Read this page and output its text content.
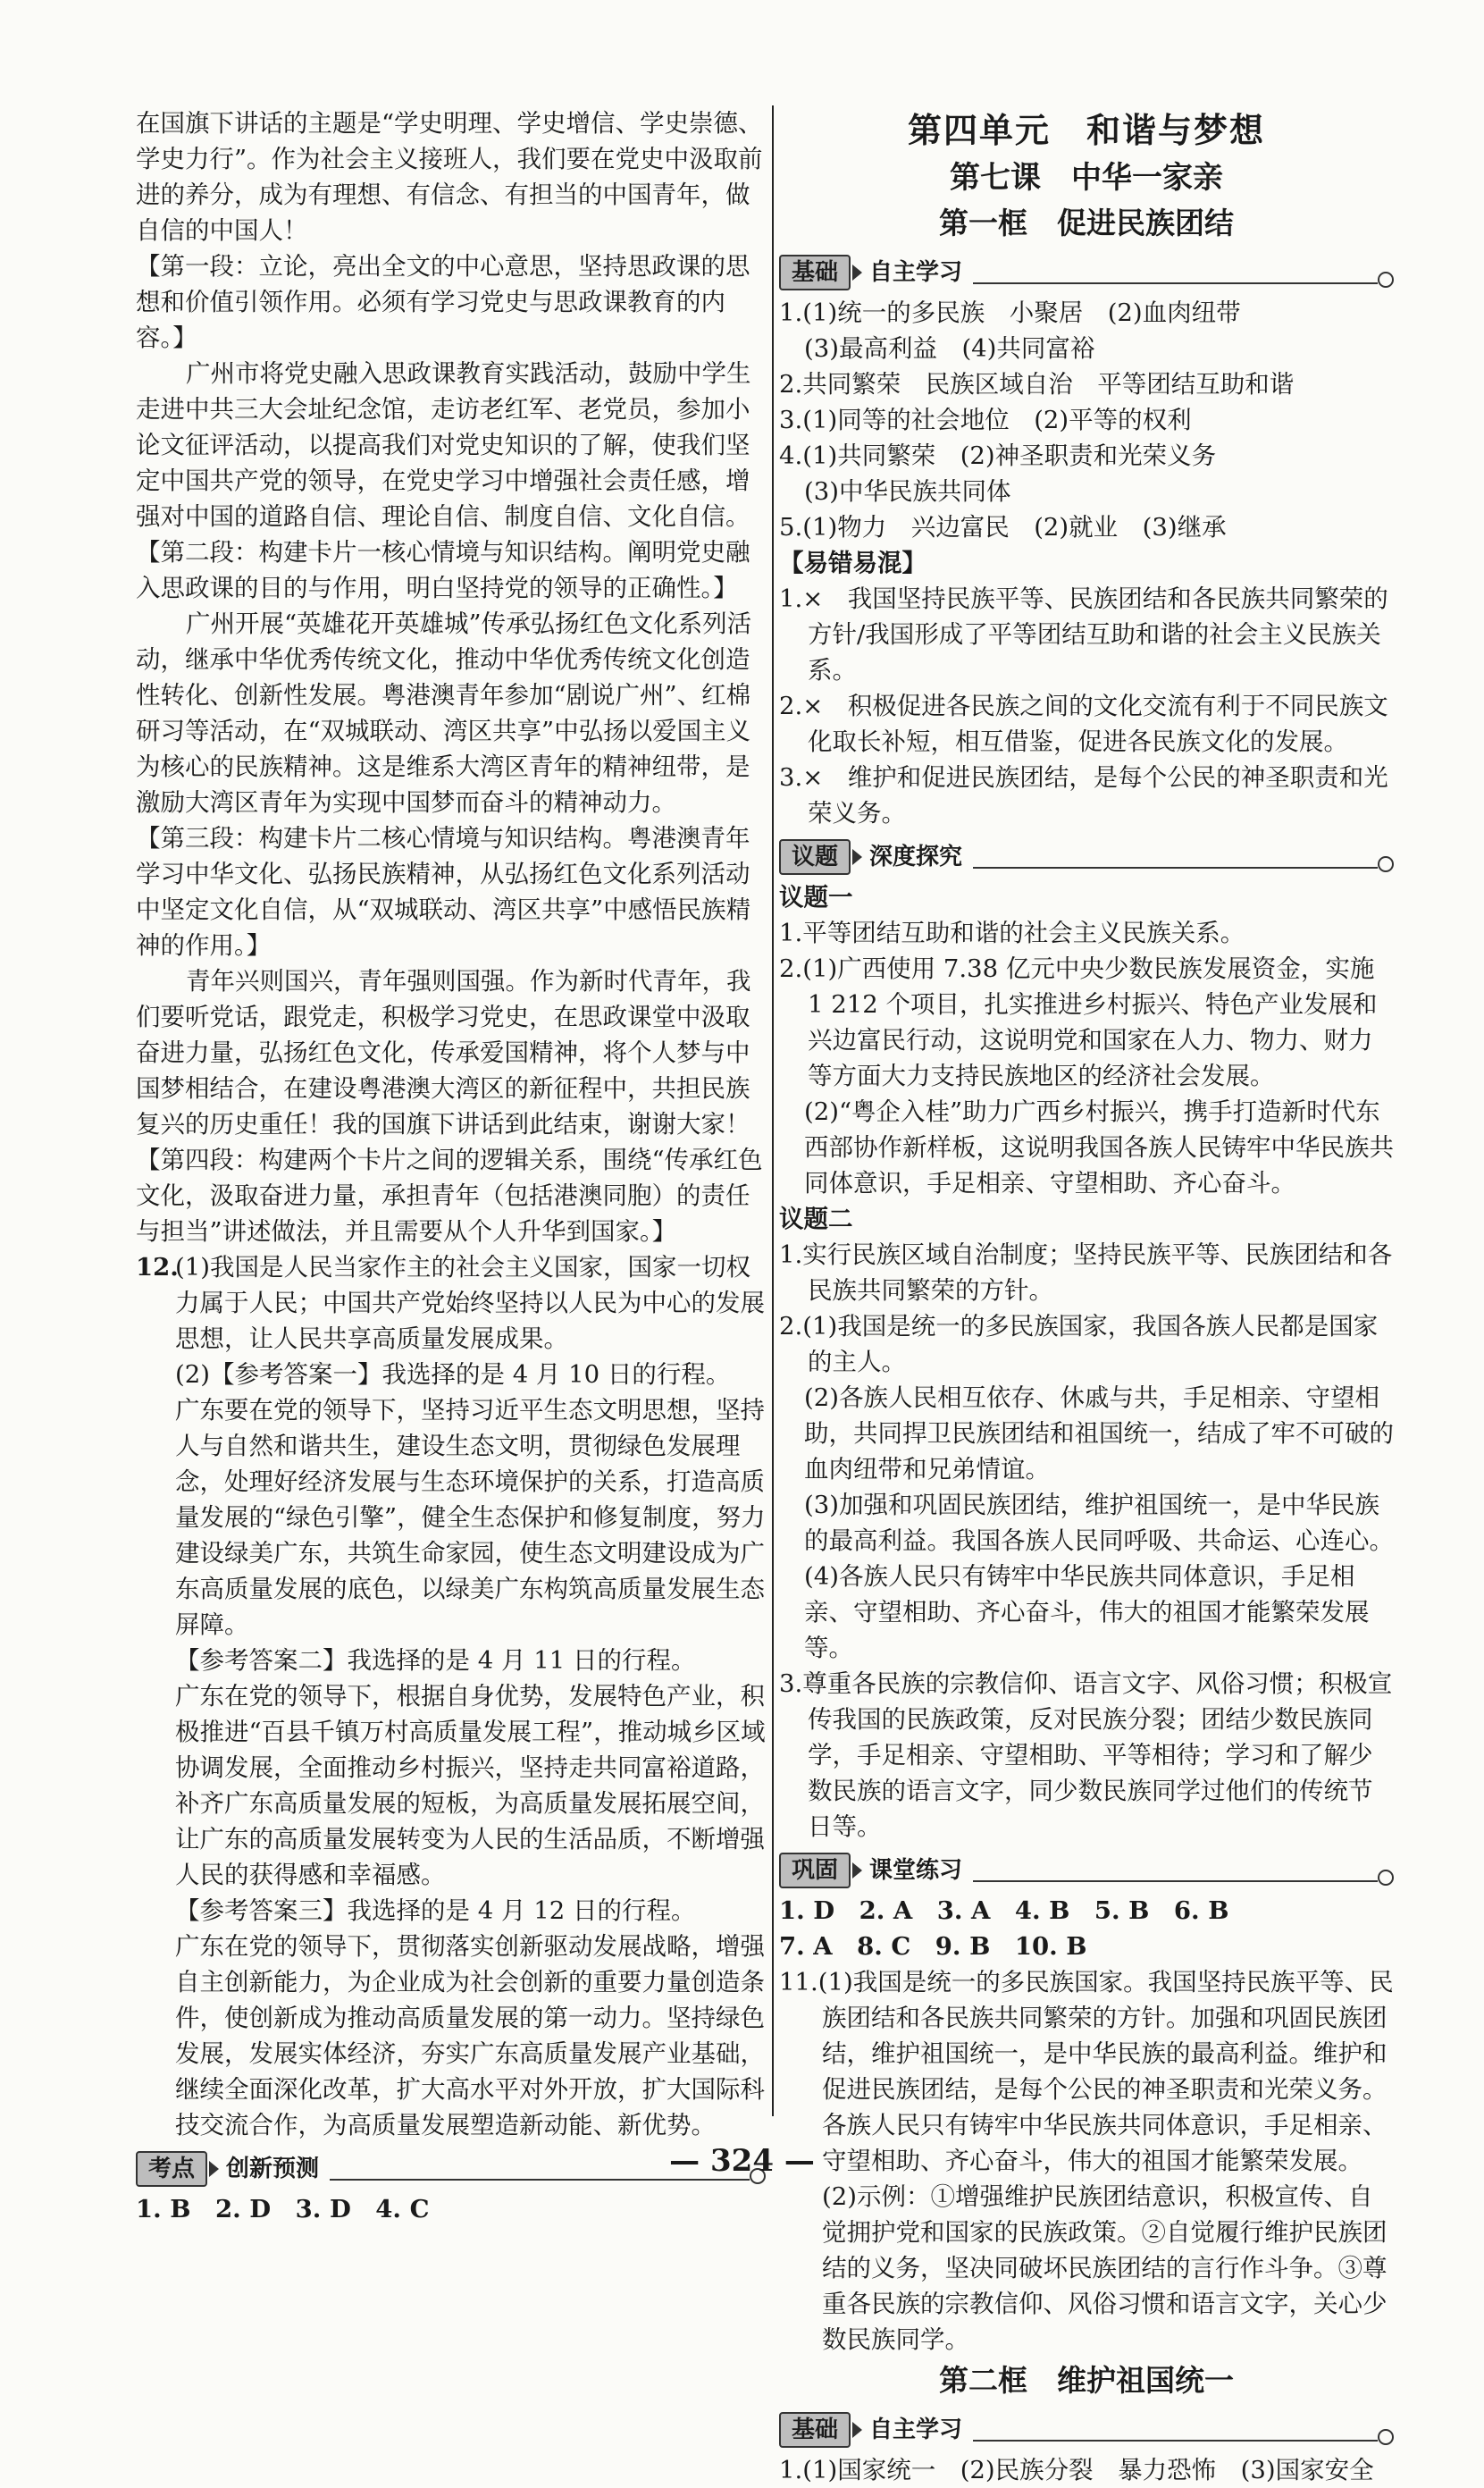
在国旗下讲话的主题是“学史明理、学史增信、学史崇德、学史力行”。作为社会主义接班人，我们要在党史中汲取前进的养分，成为有理想、有信念、有担当的中国青年，做自信的中国人！

【第一段：立论，亮出全文的中心意思，坚持思政课的思想和价值引领作用。必须有学习党史与思政课教育的内容。】

广州市将党史融入思政课教育实践活动，鼓励中学生走进中共三大会址纪念馆，走访老红军、老党员，参加小论文征评活动，以提高我们对党史知识的了解，使我们坚定中国共产党的领导，在党史学习中增强社会责任感，增强对中国的道路自信、理论自信、制度自信、文化自信。

【第二段：构建卡片一核心情境与知识结构。阐明党史融入思政课的目的与作用，明白坚持党的领导的正确性。】

广州开展“英雄花开英雄城”传承弘扬红色文化系列活动，继承中华优秀传统文化，推动中华优秀传统文化创造性转化、创新性发展。粤港澳青年参加“剧说广州”、红棉研习等活动，在“双城联动、湾区共享”中弘扬以爱国主义为核心的民族精神。这是维系大湾区青年的精神纽带，是激励大湾区青年为实现中国梦而奋斗的精神动力。

【第三段：构建卡片二核心情境与知识结构。粤港澳青年学习中华文化、弘扬民族精神，从弘扬红色文化系列活动中坚定文化自信，从“双城联动、湾区共享”中感悟民族精神的作用。】

青年兴则国兴，青年强则国强。作为新时代青年，我们要听党话，跟党走，积极学习党史，在思政课堂中汲取奋进力量，弘扬红色文化，传承爱国精神，将个人梦与中国梦相结合，在建设粤港澳大湾区的新征程中，共担民族复兴的历史重任！我的国旗下讲话到此结束，谢谢大家！

【第四段：构建两个卡片之间的逻辑关系，围绕“传承红色文化，汲取奋进力量，承担青年（包括港澳同胞）的责任与担当”讲述做法，并且需要从个人升华到国家。】

12.

(1)我国是人民当家作主的社会主义国家，国家一切权力属于人民；中国共产党始终坚持以人民为中心的发展思想，让人民共享高质量发展成果。

(2)【参考答案一】我选择的是 4 月 10 日的行程。

广东要在党的领导下，坚持习近平生态文明思想，坚持人与自然和谐共生，建设生态文明，贯彻绿色发展理念，处理好经济发展与生态环境保护的关系，打造高质量发展的“绿色引擎”，健全生态保护和修复制度，努力建设绿美广东，共筑生命家园，使生态文明建设成为广东高质量发展的底色，以绿美广东构筑高质量发展生态屏障。

【参考答案二】我选择的是 4 月 11 日的行程。

广东在党的领导下，根据自身优势，发展特色产业，积极推进“百县千镇万村高质量发展工程”，推动城乡区域协调发展，全面推动乡村振兴，坚持走共同富裕道路，补齐广东高质量发展的短板，为高质量发展拓展空间，让广东的高质量发展转变为人民的生活品质，不断增强人民的获得感和幸福感。

【参考答案三】我选择的是 4 月 12 日的行程。

广东在党的领导下，贯彻落实创新驱动发展战略，增强自主创新能力，为企业成为社会创新的重要力量创造条件，使创新成为推动高质量发展的第一动力。坚持绿色发展，发展实体经济，夯实广东高质量发展产业基础，继续全面深化改革，扩大高水平对外开放，扩大国际科技交流合作，为高质量发展塑造新动能、新优势。

考点	创新预测

1. B　2. D　3. D　4. C

第四单元　和谐与梦想
第七课　中华一家亲
第一框　促进民族团结
基础	自主学习

1.(1)统一的多民族　小聚居　(2)血肉纽带

(3)最高利益　(4)共同富裕

2.共同繁荣　民族区域自治　平等团结互助和谐

3.(1)同等的社会地位　(2)平等的权利

4.(1)共同繁荣　(2)神圣职责和光荣义务

(3)中华民族共同体

5.(1)物力　兴边富民　(2)就业　(3)继承

【易错易混】

1.×　我国坚持民族平等、民族团结和各民族共同繁荣的方针/我国形成了平等团结互助和谐的社会主义民族关系。

2.×　积极促进各民族之间的文化交流有利于不同民族文化取长补短，相互借鉴，促进各民族文化的发展。

3.×　维护和促进民族团结，是每个公民的神圣职责和光荣义务。

议题	深度探究

议题一

1.平等团结互助和谐的社会主义民族关系。

2.(1)广西使用 7.38 亿元中央少数民族发展资金，实施 1 212 个项目，扎实推进乡村振兴、特色产业发展和兴边富民行动，这说明党和国家在人力、物力、财力等方面大力支持民族地区的经济社会发展。

(2)“粤企入桂”助力广西乡村振兴，携手打造新时代东西部协作新样板，这说明我国各族人民铸牢中华民族共同体意识，手足相亲、守望相助、齐心奋斗。

议题二

1.实行民族区域自治制度；坚持民族平等、民族团结和各民族共同繁荣的方针。

2.(1)我国是统一的多民族国家，我国各族人民都是国家的主人。

(2)各族人民相互依存、休戚与共，手足相亲、守望相助，共同捍卫民族团结和祖国统一，结成了牢不可破的血肉纽带和兄弟情谊。

(3)加强和巩固民族团结，维护祖国统一，是中华民族的最高利益。我国各族人民同呼吸、共命运、心连心。

(4)各族人民只有铸牢中华民族共同体意识，手足相亲、守望相助、齐心奋斗，伟大的祖国才能繁荣发展等。

3.尊重各民族的宗教信仰、语言文字、风俗习惯；积极宣传我国的民族政策，反对民族分裂；团结少数民族同学，手足相亲、守望相助、平等相待；学习和了解少数民族的语言文字，同少数民族同学过他们的传统节日等。

巩固	课堂练习

1. D　2. A　3. A　4. B　5. B　6. B

7. A　8. C　9. B　10. B

11.(1)我国是统一的多民族国家。我国坚持民族平等、民族团结和各民族共同繁荣的方针。加强和巩固民族团结，维护祖国统一，是中华民族的最高利益。维护和促进民族团结，是每个公民的神圣职责和光荣义务。各族人民只有铸牢中华民族共同体意识，手足相亲、守望相助、齐心奋斗，伟大的祖国才能繁荣发展。

(2)示例：①增强维护民族团结意识，积极宣传、自觉拥护党和国家的民族政策。②自觉履行维护民族团结的义务，坚决同破坏民族团结的言行作斗争。③尊重各民族的宗教信仰、风俗习惯和语言文字，关心少数民族同学。

第二框　维护祖国统一
基础	自主学习

1.(1)国家统一　(2)民族分裂　暴力恐怖　(3)国家安全

— 324 —
